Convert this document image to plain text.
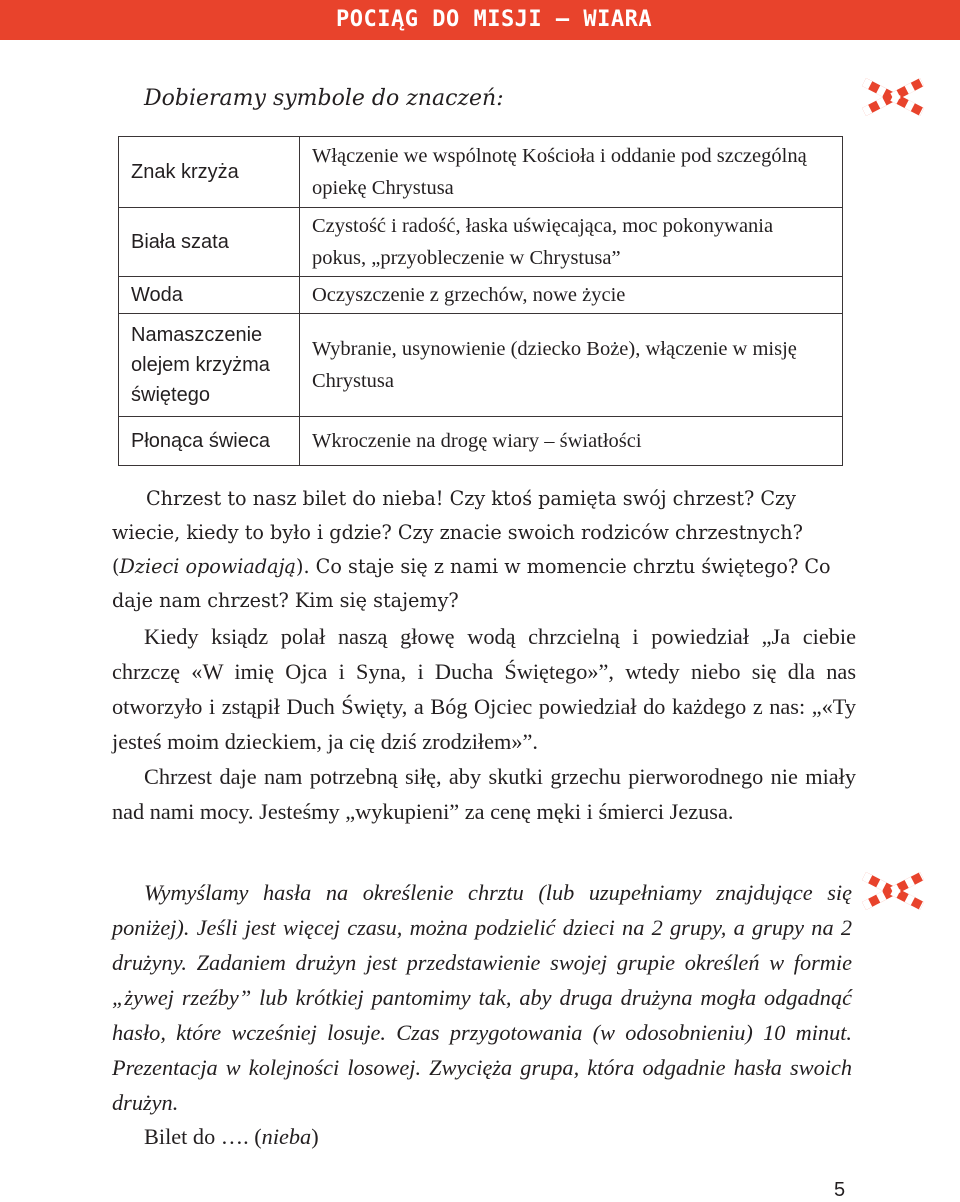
POCIĄG DO MISJI – WIARA
Dobieramy symbole do znaczeń:
Znak krzyża	Włączenie we wspólnotę Kościoła i oddanie pod szczególną opiekę Chrystusa
Biała szata	Czystość i radość, łaska uświęcająca, moc pokonywania pokus, „przyobleczenie w Chrystusa”
Woda	Oczyszczenie z grzechów, nowe życie
Namaszczenie olejem krzyżma świętego	Wybranie, usynowienie (dziecko Boże), włączenie w misję Chrystusa
Płonąca świeca	Wkroczenie na drogę wiary – światłości

Chrzest to nasz bilet do nieba! Czy ktoś pamięta swój chrzest? Czy wiecie, kiedy to było i gdzie? Czy znacie swoich rodziców chrzestnych? (Dzieci opowiadają). Co staje się z nami w momencie chrztu świętego? Co daje nam chrzest? Kim się stajemy?

Kiedy ksiądz polał naszą głowę wodą chrzcielną i powiedział „Ja ciebie chrzczę «W imię Ojca i Syna, i Ducha Świętego»”, wtedy niebo się dla nas otworzyło i zstąpił Duch Święty, a Bóg Ojciec powiedział do każdego z nas: „«Ty jesteś moim dzieckiem, ja cię dziś zrodziłem»”.

Chrzest daje nam potrzebną siłę, aby skutki grzechu pierworodnego nie miały nad nami mocy. Jesteśmy „wykupieni” za cenę męki i śmierci Jezusa.

Wymyślamy hasła na określenie chrztu (lub uzupełniamy znajdujące się poniżej). Jeśli jest więcej czasu, można podzielić dzieci na 2 grupy, a grupy na 2 drużyny. Zadaniem drużyn jest przedstawienie swojej grupie określeń w formie „żywej rzeźby” lub krótkiej pantomimy tak, aby druga drużyna mogła odgadnąć hasło, które wcześniej losuje. Czas przygotowania (w odosobnieniu) 10 minut. Prezentacja w kolejności losowej. Zwycięża grupa, która odgadnie hasła swoich drużyn.

Bilet do …. (nieba)
5
